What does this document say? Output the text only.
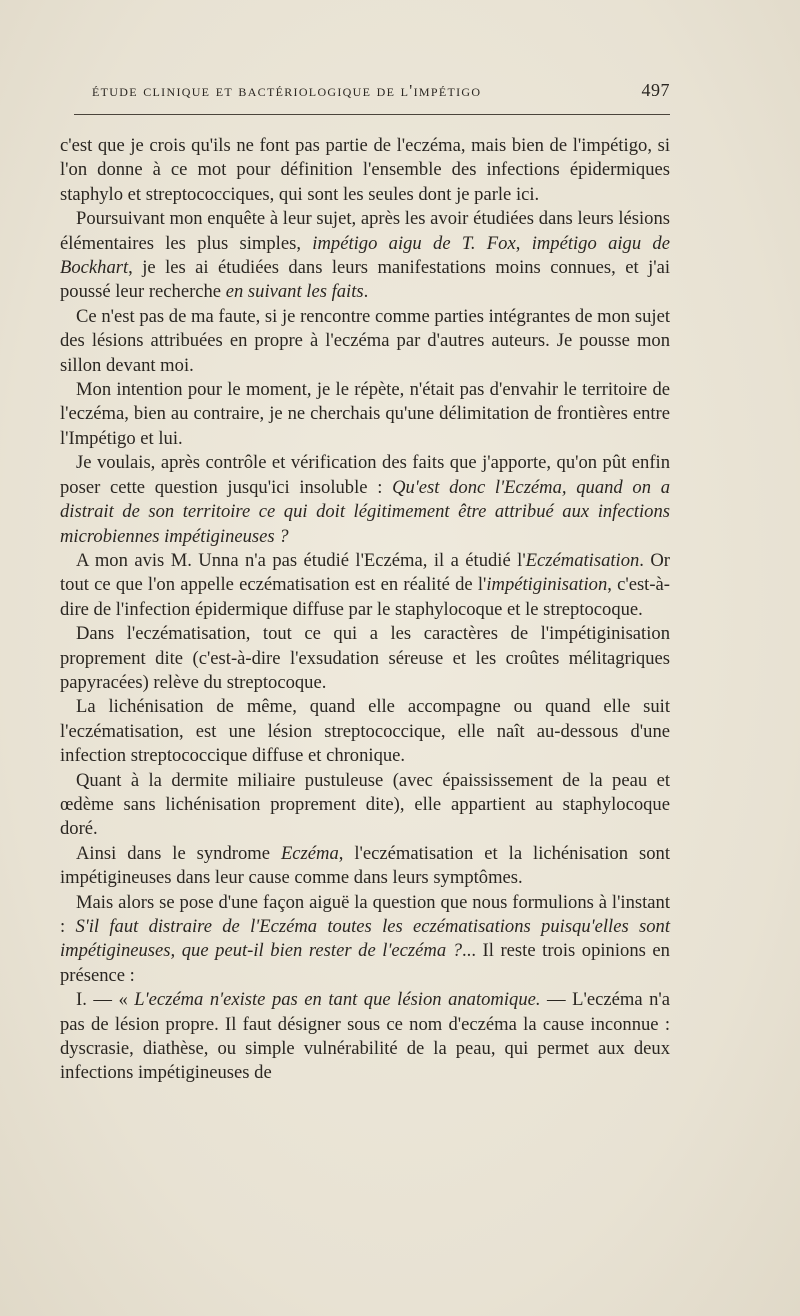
étude clinique et bactériologique de l'impétigo	497

c'est que je crois qu'ils ne font pas partie de l'eczéma, mais bien de l'impétigo, si l'on donne à ce mot pour définition l'ensemble des infections épidermiques staphylo et streptococciques, qui sont les seules dont je parle ici.

Poursuivant mon enquête à leur sujet, après les avoir étudiées dans leurs lésions élémentaires les plus simples, impétigo aigu de T. Fox, impétigo aigu de Bockhart, je les ai étudiées dans leurs manifestations moins connues, et j'ai poussé leur recherche en suivant les faits.

Ce n'est pas de ma faute, si je rencontre comme parties intégrantes de mon sujet des lésions attribuées en propre à l'eczéma par d'autres auteurs. Je pousse mon sillon devant moi.

Mon intention pour le moment, je le répète, n'était pas d'envahir le territoire de l'eczéma, bien au contraire, je ne cherchais qu'une délimitation de frontières entre l'Impétigo et lui.

Je voulais, après contrôle et vérification des faits que j'apporte, qu'on pût enfin poser cette question jusqu'ici insoluble : Qu'est donc l'Eczéma, quand on a distrait de son territoire ce qui doit légitimement être attribué aux infections microbiennes impétigineuses ?

A mon avis M. Unna n'a pas étudié l'Eczéma, il a étudié l'Eczématisation. Or tout ce que l'on appelle eczématisation est en réalité de l'impétiginisation, c'est-à-dire de l'infection épidermique diffuse par le staphylocoque et le streptocoque.

Dans l'eczématisation, tout ce qui a les caractères de l'impétiginisation proprement dite (c'est-à-dire l'exsudation séreuse et les croûtes mélitagriques papyracées) relève du streptocoque.

La lichénisation de même, quand elle accompagne ou quand elle suit l'eczématisation, est une lésion streptococcique, elle naît au-dessous d'une infection streptococcique diffuse et chronique.

Quant à la dermite miliaire pustuleuse (avec épaississement de la peau et œdème sans lichénisation proprement dite), elle appartient au staphylocoque doré.

Ainsi dans le syndrome Eczéma, l'eczématisation et la lichénisation sont impétigineuses dans leur cause comme dans leurs symptômes.

Mais alors se pose d'une façon aiguë la question que nous formulions à l'instant : S'il faut distraire de l'Eczéma toutes les eczématisations puisqu'elles sont impétigineuses, que peut-il bien rester de l'eczéma ?... Il reste trois opinions en présence :

I. — « L'eczéma n'existe pas en tant que lésion anatomique. — L'eczéma n'a pas de lésion propre. Il faut désigner sous ce nom d'eczéma la cause inconnue : dyscrasie, diathèse, ou simple vulnérabilité de la peau, qui permet aux deux infections impétigineuses de
